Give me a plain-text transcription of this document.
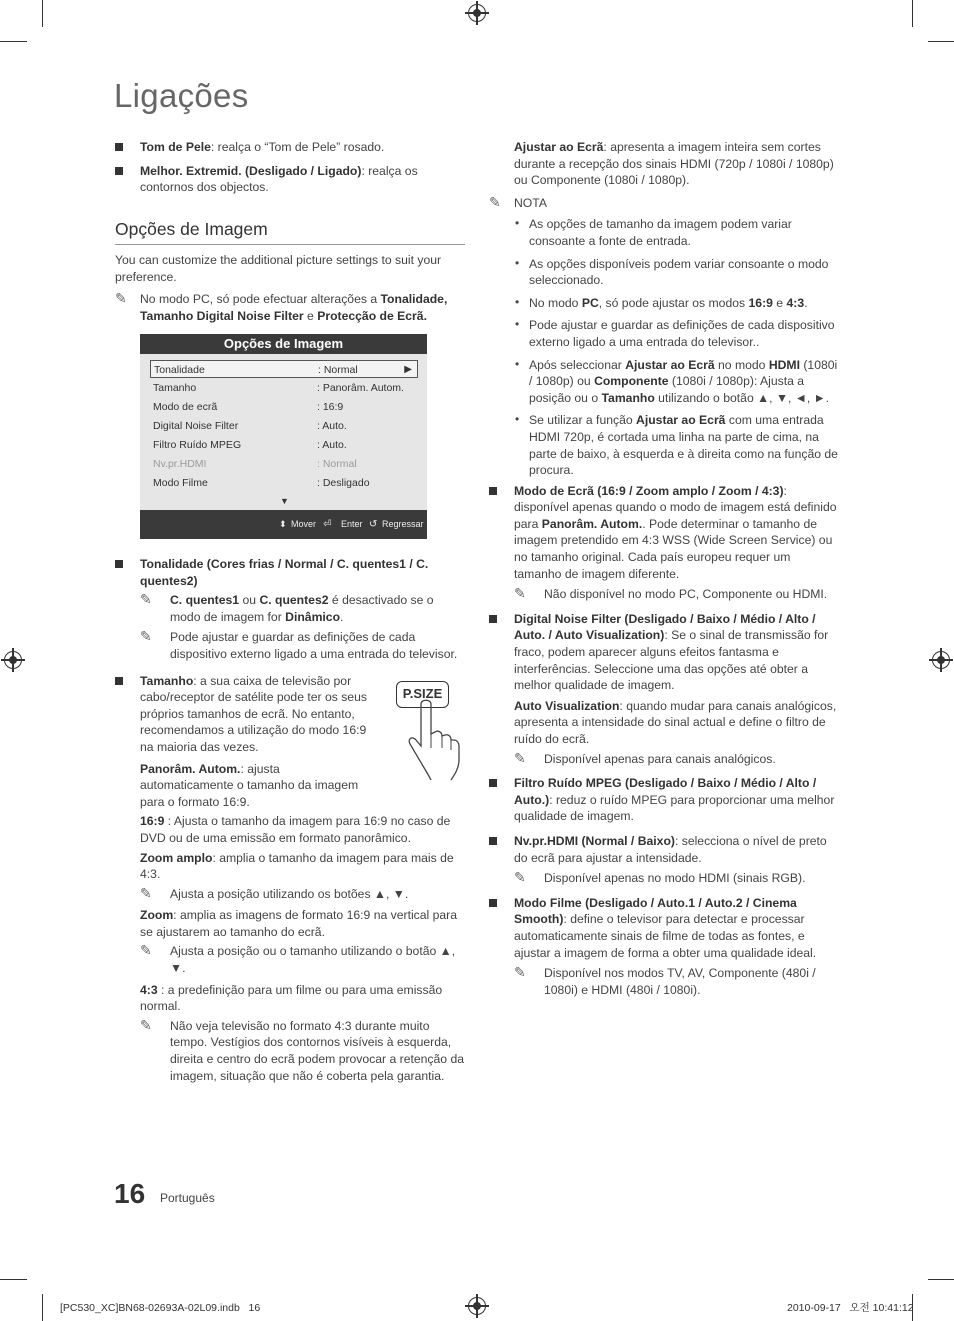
Ligações
Tom de Pele: realça o “Tom de Pele” rosado.
Melhor. Extremid. (Desligado / Ligado): realça os contornos dos objectos.
Opções de Imagem

You can customize the additional picture settings to suit your preference.

✎ No modo PC, só pode efectuar alterações a Tonalidade, Tamanho Digital Noise Filter e Protecção de Ecrã.
Opções de Imagem
Tonalidade	: Normal	▶
Tamanho	: Panorâm. Autom.
Modo de ecrã	: 16:9
Digital Noise Filter	: Auto.
Filtro Ruído MPEG	: Auto.
Nv.pr.HDMI	: Normal
Modo Filme	: Desligado
▼
⬍ Mover ⏎ Enter ↺ Regressar
Tonalidade (Cores frias / Normal / C. quentes1 / C. quentes2)
✎ C. quentes1 ou C. quentes2 é desactivado se o modo de imagem for Dinâmico.
✎ Pode ajustar e guardar as definições de cada dispositivo externo ligado a uma entrada do televisor.
Tamanho: a sua caixa de televisão por cabo/receptor de satélite pode ter os seus próprios tamanhos de ecrã. No entanto, recomendamos a utilização do modo 16:9 na maioria das vezes.

Panorâm. Autom.: ajusta automaticamente o tamanho da imagem para o formato 16:9.

16:9 : Ajusta o tamanho da imagem para 16:9 no caso de DVD ou de uma emissão em formato panorâmico.

Zoom amplo: amplia o tamanho da imagem para mais de 4:3.

✎ Ajusta a posição utilizando os botões ▲, ▼.

Zoom: amplia as imagens de formato 16:9 na vertical para se ajustarem ao tamanho do ecrã.

✎ Ajusta a posição ou o tamanho utilizando o botão ▲, ▼.

4:3 : a predefinição para um filme ou para uma emissão normal.

✎ Não veja televisão no formato 4:3 durante muito tempo. Vestígios dos contornos visíveis à esquerda, direita e centro do ecrã podem provocar a retenção da imagem, situação que não é coberta pela garantia.
P.SIZE

Ajustar ao Ecrã: apresenta a imagem inteira sem cortes durante a recepção dos sinais HDMI (720p / 1080i / 1080p) ou Componente (1080i / 1080p).

✎ NOTA
• As opções de tamanho da imagem podem variar consoante a fonte de entrada.
• As opções disponíveis podem variar consoante o modo seleccionado.
• No modo PC, só pode ajustar os modos 16:9 e 4:3.
• Pode ajustar e guardar as definições de cada dispositivo externo ligado a uma entrada do televisor..
• Após seleccionar Ajustar ao Ecrã no modo HDMI (1080i / 1080p) ou Componente (1080i / 1080p): Ajusta a posição ou o Tamanho utilizando o botão ▲, ▼, ◄, ►.
• Se utilizar a função Ajustar ao Ecrã com uma entrada HDMI 720p, é cortada uma linha na parte de cima, na parte de baixo, à esquerda e à direita como na função de procura.
Modo de Ecrã (16:9 / Zoom amplo / Zoom / 4:3): disponível apenas quando o modo de imagem está definido para Panorâm. Autom.. Pode determinar o tamanho de imagem pretendido em 4:3 WSS (Wide Screen Service) ou no tamanho original. Cada país europeu requer um tamanho de imagem diferente.
✎ Não disponível no modo PC, Componente ou HDMI.
Digital Noise Filter (Desligado / Baixo / Médio / Alto / Auto. / Auto Visualization): Se o sinal de transmissão for fraco, podem aparecer alguns efeitos fantasma e interferências. Seleccione uma das opções até obter a melhor qualidade de imagem.

Auto Visualization: quando mudar para canais analógicos, apresenta a intensidade do sinal actual e define o filtro de ruído do ecrã.

✎ Disponível apenas para canais analógicos.
Filtro Ruído MPEG (Desligado / Baixo / Médio / Alto / Auto.): reduz o ruído MPEG para proporcionar uma melhor qualidade de imagem.
Nv.pr.HDMI (Normal / Baixo): selecciona o nível de preto do ecrã para ajustar a intensidade.
✎ Disponível apenas no modo HDMI (sinais RGB).
Modo Filme (Desligado / Auto.1 / Auto.2 / Cinema Smooth): define o televisor para detectar e processar automaticamente sinais de filme de todas as fontes, e ajustar a imagem de forma a obter uma qualidade ideal.
✎ Disponível nos modos TV, AV, Componente (480i / 1080i) e HDMI (480i / 1080i).
16 Português
[PC530_XC]BN68-02693A-02L09.indb   16	2010-09-17   오전 10:41:12
